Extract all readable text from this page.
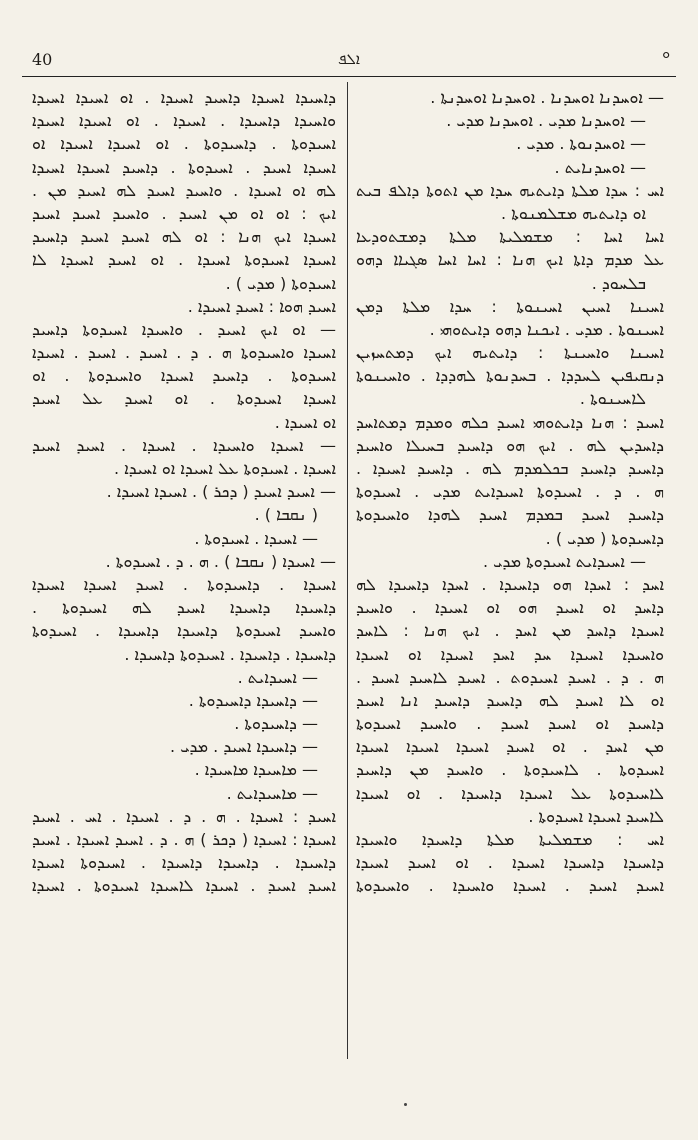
40	ܐܠܦ	ܘ
— ܐܘܚܕܢܐ ܐܘܚܕܢܐ . ܐܘܚܕܢܐ ܐܘܚܕܢܬܐ .
— ܐܘܚܕܢܐ ܡܕܝ . ܐܘܚܕܢܐ ܡܕܝ .
— ܐܘܚܕܢܘܬܐ . ܡܕܝ .
— ܐܘܚܕܢܐܝܬ .
ܐܚ : ܚܕܐ ܡܠܬܐ ܕܐܝܬܝܗ ܚܕܐ ܡܢ ܐܬܘܬܐ ܕܐܠܦ ܒܝܬ
ܐܘ ܕܐܝܬܝܗ ܡܫܠܡܢܘܬܐ .
ܐܚܐ ܐܚܐ : ܡܫܡܠܝܬܐ ܡܠܬܐ ܕܡܫܬܘܕܥܐ
ܥܠ ܡܕܡ ܕܐܬܐ ܐܝܟ ܗܢܐ : ܐܚܐ ܐܚܐ ܣܓܝܐܐ ܕܗܘ
ܒܠܚܘܕ .
ܐܚܝܢܐ ܐܚܝܢ ܐܚܝܢܘܬܐ : ܚܕܐ ܡܠܬܐ ܕܡܢ
ܐܚܝܢܘܬܐ . ܡܕܝ . ܐܝܟܢܐ ܕܗܘ ܕܐܝܬܘܗܝ .
ܐܚܝܢܐ ܘܐܚܝܢܬܐ : ܕܐܝܬܝܗ ܐܝܟ ܕܡܬܚܙܝܢ
ܕܢܩܝܦܝܢ ܠܚܕܕܐ . ܒܚܕܢܘܬܐ ܠܗܕܕܐ . ܘܐܚܝܢܘܬܐ
ܠܐܚܝܢܘܬܐ .
ܐܚܝܕ : ܗܢܐ ܕܐܝܬܘܗܝ ܐܚܝܕ ܟܠܗ ܘܡܕܡ ܕܡܬܐܚܕ
ܕܐܚܕܝܢ ܠܗ . ܐܝܟ ܗܘ ܕܐܚܝܕ ܒܚܝܠܐ ܘܐܚܝܕ
ܕܐܚܝܕ ܕܐܚܝܕ ܒܟܠܡܕܡ ܠܗ . ܕܐܚܝܕ ܐܚܝܕܐ .
ܗ . ܕ . ܐܚܝܕܘܬܐ ܐܚܝܕܐܝܬ ܡܕܝ . ܐܚܝܕܘܬܐ
ܕܐܚܝܕ ܐܚܝܕ ܒܡܕܡ ܐܚܝܕ ܠܗܕܐ ܘܐܚܝܕܘܬܐ
ܕܐܚܝܕܘܬܐ ( ܡܕܝ ) .
— ܐܚܝܕܐܝܬ ܐܚܝܕܘܬܐ ܡܕܝ .
ܐܚܕ : ܐܚܕܐ ܗܘ ܕܐܚܝܕܐ . ܐܚܕܐ ܕܐܚܝܕܐ ܠܗ
ܕܐܚܕ ܐܘ ܐܚܝܕ ܗܘ ܐܘ ܐܚܝܕܐ . ܘܐܚܝܕ
ܐܚܝܕܐ ܕܐܚܕ ܡܢ ܐܚܕ . ܐܝܟ ܗܢܐ : ܠܐܚܕ
ܘܐܚܝܕܐ ܐܚܝܕܐ ܚܕ ܐܚܕ ܐܚܝܕܐ ܐܘ ܐܚܝܕܐ
ܗ . ܕ . ܐܚܝܕ ܐܚܝܕܘܬ . ܐܚܝܕ ܠܐܚܝܕ ܐܚܝܕ .
ܐܘ ܠܐ ܐܚܝܕ ܠܗ ܕܐܚܝܕ ܕܐܚܝܕ ܐܢܐ ܐܚܝܕ
ܕܐܚܝܕ ܐܘ ܐܚܝܕ ܐܚܝܕ . ܘܐܚܝܕ ܐܚܝܕܘܬܐ
ܡܢ ܐܚܕ . ܐܘ ܐܚܝܕ ܐܚܝܕܐ ܐܚܝܕܐ ܐܚܝܕܐ
ܐܚܝܕܘܬܐ . ܠܐܚܝܕܘܬܐ . ܘܐܚܝܕ ܡܢ ܕܐܚܝܕ
ܠܐܚܝܕܘܬܐ ܥܠ ܐܚܝܕܐ ܕܐܚܝܕܐ . ܐܘ ܐܚܝܕܐ
ܠܐܚܝܕ ܐܚܝܕܐ ܐܚܝܕܘܬܐ .
ܐܚ : ܡܫܡܠܝܬܐ ܡܠܬܐ ܕܐܚܝܕܐ ܘܐܚܝܕܐ
ܕܐܚܝܕܐ ܕܐܚܝܕܐ ܐܚܝܕܐ . ܐܘ ܐܚܝܕ ܐܚܝܕܐ
ܐܚܝܕ ܐܚܝܕ . ܐܚܝܕܐ ܘܐܚܝܕܐ . ܘܐܚܝܕܘܬܐ
ܕܐܚܝܕܐ ܐܚܝܕܐ ܕܐܚܝܕ ܐܚܝܕܐ . ܐܘ ܐܚܝܕܐ ܐܚܝܕܐ
ܘܐܚܝܕܐ ܕܐܚܝܕܐ . ܐܚܝܕܐ . ܐܘ ܐܚܝܕܐ ܐܚܝܕܐ
ܐܚܝܕܘܬܐ . ܕܐܚܝܕܘܬܐ . ܐܘ ܐܚܝܕܐ ܐܚܝܕܐ ܐܘ
ܐܚܝܕܐ ܐܚܝܕ . ܐܚܝܕܘܬܐ . ܕܐܚܝܕ ܐܚܝܕܐ ܐܚܝܕܐ
ܠܗ ܐܘ ܐܚܝܕܐ . ܘܐܚܝܕ ܐܚܝܕ ܠܗ ܐܚܝܕ ܡܢ .
ܐܝܟ : ܐܘ ܐܘ ܡܢ ܐܚܝܕ . ܘܐܚܝܕ ܐܚܝܕ ܐܚܝܕ
ܐܚܝܕܐ ܐܝܟ ܗܢܐ : ܐܘ ܠܗ ܐܚܝܕ ܐܚܝܕ ܕܐܚܝܕ
ܐܚܝܕܐ ܐܚܝܕܘܬܐ ܐܚܝܕܐ . ܐܘ ܐܚܝܕ ܐܚܝܕܐ ܠܐ
ܐܚܝܕܘܬܐ ( ܡܕܝ ) .
ܐܚܝܕ ܗܘܐ : ܐܚܝܕ ܐܚܝܕܐ .
— ܐܘ ܐܝܟ ܐܚܝܕ . ܘܐܚܝܕܐ ܐܚܝܕܘܬܐ ܕܐܚܝܕ
ܐܚܝܕܐ ܘܐܚܝܕܘܬܐ ܗ . ܕ . ܐܚܝܕ . ܐܚܝܕ . ܐܚܝܕܐ
ܐܚܝܕܘܬܐ . ܕܐܚܝܕ ܐܚܝܕܐ ܘܐܚܝܕܘܬܐ . ܐܘ
ܐܚܝܕܐ ܐܚܝܕܘܬܐ . ܐܘ ܐܚܝܕ ܥܠ ܐܚܝܕ
ܐܘ ܐܚܝܕܐ .
— ܐܚܝܕܐ ܘܐܚܝܕܐ . ܐܚܝܕܐ . ܐܚܝܕ ܐܚܝܕ
ܐܚܝܕܐ . ܐܚܝܕܘܬܐ ܥܠ ܐܚܝܕܐ ܐܘ ܐܚܝܕܐ .
— ܐܚܝܕ ܐܚܝܕ ( ܕܟܪ ) . ܐܚܝܕܐ ܐܚܝܕܐ .
( ܢܩܒܐ ) .
— ܐܚܝܕܐ . ܐܚܝܕܘܬܐ .
— ܐܚܝܕܐ ( ܢܩܒܐ ) . ܗ . ܕ . ܐܚܝܕܘܬܐ .
ܐܚܝܕܐ . ܕܐܚܝܕܘܬܐ . ܐܚܝܕ ܐܚܝܕܐ ܐܚܝܕܐ
ܕܐܚܝܕܐ ܕܐܚܝܕܐ ܐܚܝܕ ܠܗ ܐܚܝܕܘܬܐ .
ܘܐܚܝܕ ܐܚܝܕܘܬܐ ܕܐܚܝܕܐ ܕܐܚܝܕܐ . ܐܚܝܕܘܬܐ
ܕܐܚܝܕܐ . ܕܐܚܝܕܐ . ܐܚܝܕܘܬܐ ܕܐܚܝܕܐ .
— ܐܚܝܕܐܝܬ .
— ܕܐܚܝܕܐ ܕܐܚܝܕܘܬܐ .
— ܕܐܚܝܕܘܬܐ .
— ܕܐܚܝܕܐ ܐܚܝܕ . ܡܕܝ .
— ܡܐܚܝܕܐ ܡܐܚܝܕܐ .
— ܡܐܚܝܕܐܝܬ .
ܐܚܝܕ : ܐܚܝܕܐ . ܗ . ܕ . ܐܚܝܕܐ . ܐܚ . ܐܚܝܕ
ܐܚܝܕܐ : ܐܚܝܕܐ ( ܕܟܪ ) ܗ . ܕ . ܐܚܝܕ ܐܚܝܕܐ . ܐܚܝܕ
ܕܐܚܝܕܐ . ܕܐܚܝܕܐ ܕܐܚܝܕܐ . ܐܚܝܕܘܬܐ ܐܚܝܕܐ
ܐܚܝܕ ܐܚܝܕ . ܐܚܝܕܐ ܠܐܚܝܕܐ ܐܚܝܕܘܬܐ . ܐܚܝܕܐ
